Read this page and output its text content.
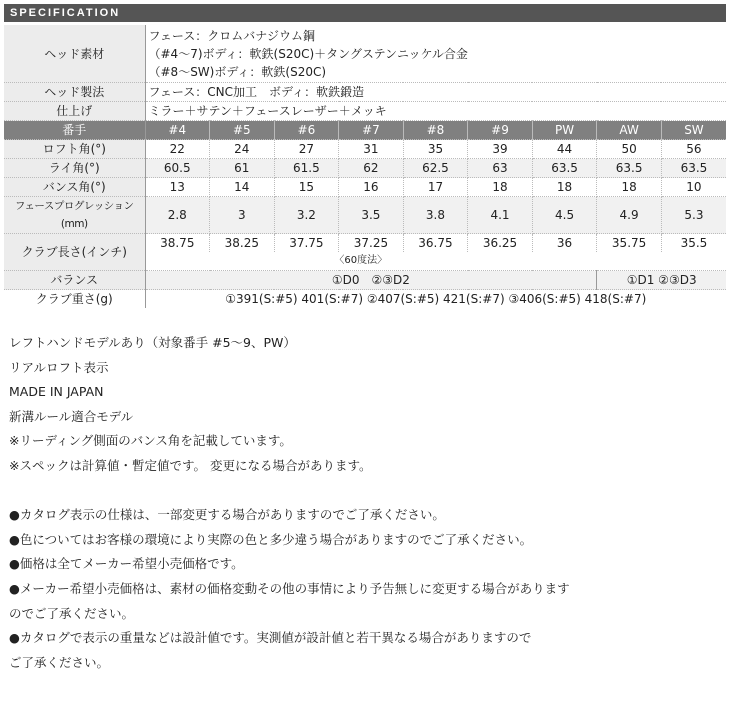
SPECIFICATION
ヘッド素材	フェース：クロムバナジウム鋼
（#4〜7)ボディ：軟鉄(S20C)＋タングステンニッケル合金
（#8〜SW)ボディ：軟鉄(S20C)								

ヘッド製法	フェース：CNC加工　ボディ：軟鉄鍛造								
仕上げ	ミラー＋サテン＋フェースレーザー＋メッキ								
番手	#4	#5	#6	#7	#8	#9	PW	AW	SW
ロフト角(°)	22	24	27	31	35	39	44	50	56
ライ角(°)	60.5	61	61.5	62	62.5	63	63.5	63.5	63.5
バンス角(°)	13	14	15	16	17	18	18	18	10
フェースプログレッション(mm)	2.8	3	3.2	3.5	3.8	4.1	4.5	4.9	5.3
クラブ長さ(インチ)	38.75	38.25	37.75	37.25	36.75	36.25	36	35.75	35.5
	〈60度法〉								
バランス	①D0　②③D2							①D1 ②③D3	
クラブ重さ(g)	①391(S:#5) 401(S:#7) ②407(S:#5) 421(S:#7) ③406(S:#5) 418(S:#7)								
レフトハンドモデルあり（対象番手 #5〜9、PW）
リアルロフト表示
MADE IN JAPAN
新溝ルール適合モデル
※リーディング側面のバンス角を記載しています。
※スペックは計算値・暫定値です。 変更になる場合があります。
●カタログ表示の仕様は、一部変更する場合がありますのでご了承ください。
●色についてはお客様の環境により実際の色と多少違う場合がありますのでご了承ください。
●価格は全てメーカー希望小売価格です。
●メーカー希望小売価格は、素材の価格変動その他の事情により予告無しに変更する場合があります
のでご了承ください。
●カタログで表示の重量などは設計値です。実測値が設計値と若干異なる場合がありますので
ご了承ください。
